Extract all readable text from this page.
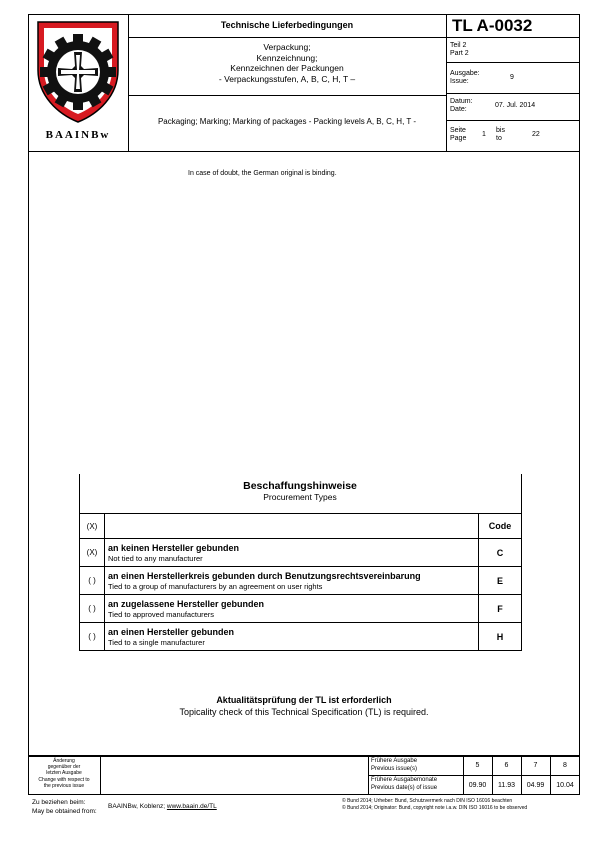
BAAINBw
Technische Lieferbedingungen	TL A-0032
Verpackung;
Kennzeichnung;
Kennzeichnen der Packungen
- Verpackungsstufen, A, B, C, H, T –
Packaging; Marking; Marking of packages - Packing levels A, B, C, H, T -
Teil 2
Part 2
Ausgabe:
Issue:
9
Datum:
Date:
07. Jul. 2014
Seite
Page
1
bis
to
22
In case of doubt, the German original is binding.
Beschaffungshinweise
Procurement Types
(X)		Code
(X)	an keinen Hersteller gebunden
Not tied to any manufacturer	C
( )	an einen Herstellerkreis gebunden durch Benutzungsrechtsvereinbarung
Tied to a group of manufacturers by an agreement on user rights	E
( )	an zugelassene Hersteller gebunden
Tied to approved manufacturers	F
( )	an einen Hersteller gebunden
Tied to a single manufacturer	H
Aktualitätsprüfung der TL ist erforderlich
Topicality check of this Technical Specification (TL) is required.
Änderung
gegenüber der
letzten Ausgabe
Change with respect to
the previous issue
Frühere Ausgabe
Previous issue(s)
Frühere Ausgabemonate
Previous date(s) of issue
5	6	7	8
09.90	11.93	04.99	10.04
Zu beziehen beim:
May be obtained from:
BAAINBw, Koblenz; www.baain.de/TL
© Bund 2014; Urheber: Bund, Schutzvermerk nach DIN ISO 16016 beachten
© Bund 2014; Originator: Bund, copyright note i.a.w. DIN ISO 16016 to be observed
